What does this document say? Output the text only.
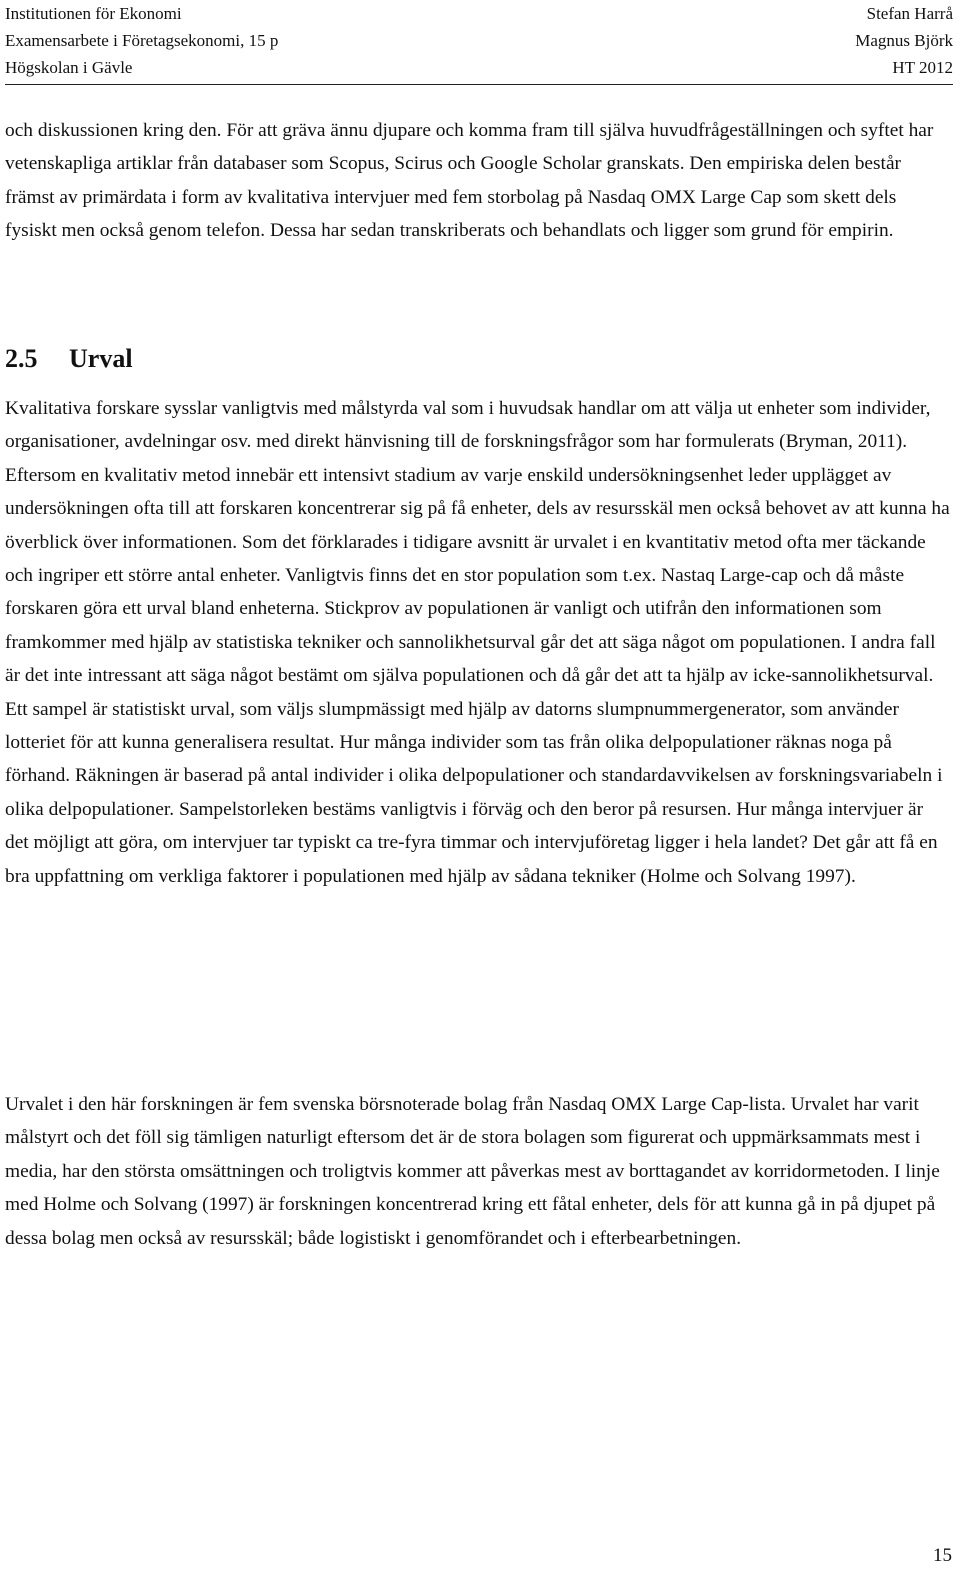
Institutionen för Ekonomi	Stefan Harrå
Examensarbete i Företagsekonomi, 15 p	Magnus Björk
Högskolan i Gävle	HT 2012

och diskussionen kring den. För att gräva ännu djupare och komma fram till själva huvudfrågeställningen och syftet har vetenskapliga artiklar från databaser som Scopus, Scirus och Google Scholar granskats. Den empiriska delen består främst av primärdata i form av kvalitativa intervjuer med fem storbolag på Nasdaq OMX Large Cap som skett dels fysiskt men också genom telefon. Dessa har sedan transkriberats och behandlats och ligger som grund för empirin.

2.5 Urval

Kvalitativa forskare sysslar vanligtvis med målstyrda val som i huvudsak handlar om att välja ut enheter som individer, organisationer, avdelningar osv. med direkt hänvisning till de forskningsfrågor som har formulerats (Bryman, 2011). Eftersom en kvalitativ metod innebär ett intensivt stadium av varje enskild undersökningsenhet leder upplägget av undersökningen ofta till att forskaren koncentrerar sig på få enheter, dels av resursskäl men också behovet av att kunna ha överblick över informationen. Som det förklarades i tidigare avsnitt är urvalet i en kvantitativ metod ofta mer täckande och ingriper ett större antal enheter. Vanligtvis finns det en stor population som t.ex. Nastaq Large-cap och då måste forskaren göra ett urval bland enheterna. Stickprov av populationen är vanligt och utifrån den informationen som framkommer med hjälp av statistiska tekniker och sannolikhetsurval går det att säga något om populationen. I andra fall är det inte intressant att säga något bestämt om själva populationen och då går det att ta hjälp av icke-sannolikhetsurval. Ett sampel är statistiskt urval, som väljs slumpmässigt med hjälp av datorns slumpnummergenerator, som använder lotteriet för att kunna generalisera resultat. Hur många individer som tas från olika delpopulationer räknas noga på förhand. Räkningen är baserad på antal individer i olika delpopulationer och standardavvikelsen av forskningsvariabeln i olika delpopulationer. Sampelstorleken bestäms vanligtvis i förväg och den beror på resursen. Hur många intervjuer är det möjligt att göra, om intervjuer tar typiskt ca tre-fyra timmar och intervjuföretag ligger i hela landet? Det går att få en bra uppfattning om verkliga faktorer i populationen med hjälp av sådana tekniker (Holme och Solvang 1997).

Urvalet i den här forskningen är fem svenska börsnoterade bolag från Nasdaq OMX Large Cap-lista. Urvalet har varit målstyrt och det föll sig tämligen naturligt eftersom det är de stora bolagen som figurerat och uppmärksammats mest i media, har den största omsättningen och troligtvis kommer att påverkas mest av borttagandet av korridormetoden. I linje med Holme och Solvang (1997) är forskningen koncentrerad kring ett fåtal enheter, dels för att kunna gå in på djupet på dessa bolag men också av resursskäl; både logistiskt i genomförandet och i efterbearbetningen.

15
